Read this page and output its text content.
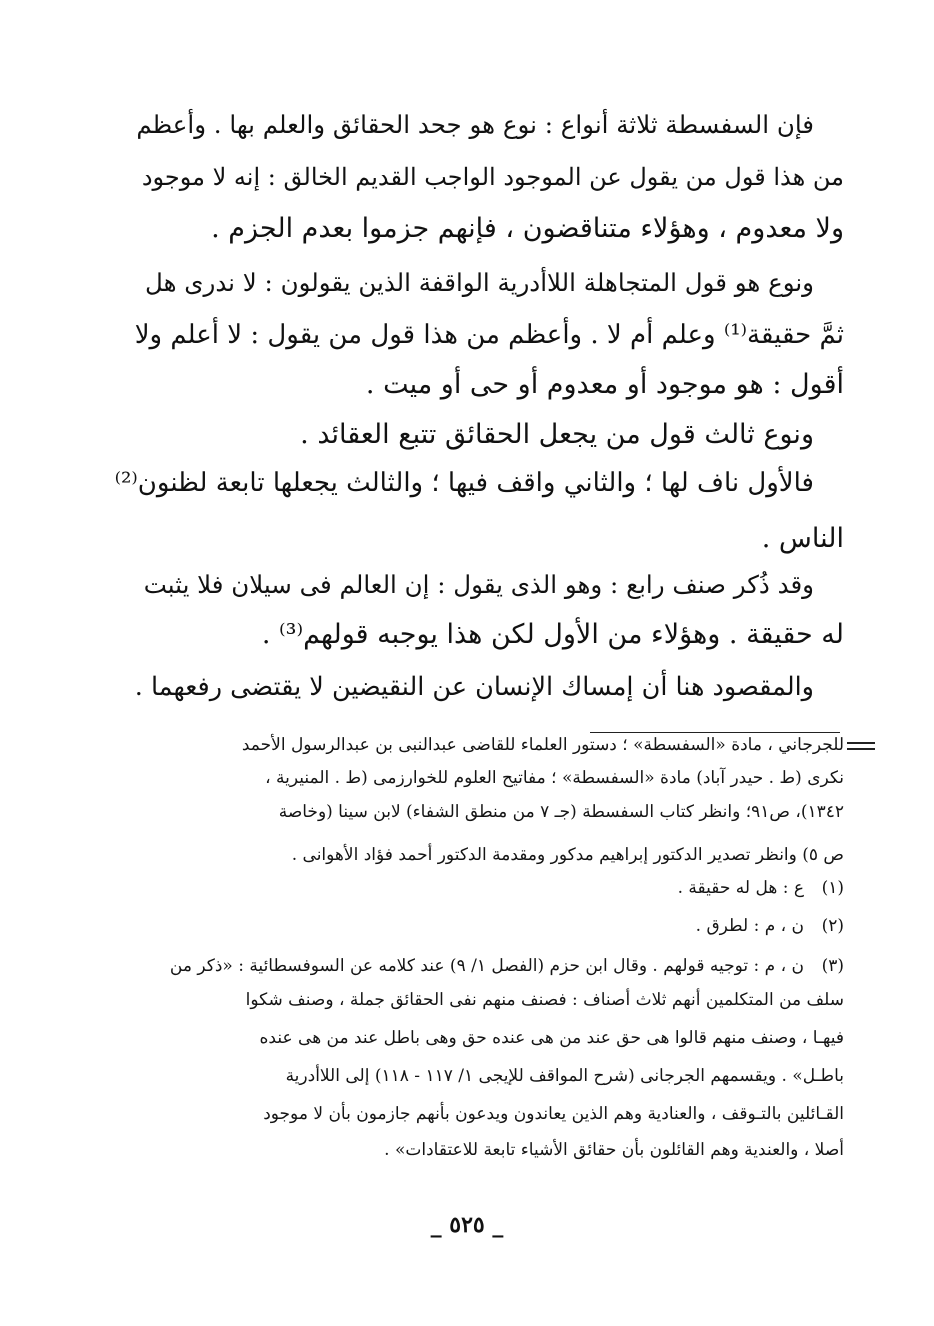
فإن السفسطة ثلاثة أنواع : نوع هو جحد الحقائق والعلم بها . وأعظم
من هذا قول من يقول عن الموجود الواجب القديم الخالق : إنه لا موجود
ولا معدوم ، وهؤلاء متناقضون ، فإنهم جزموا بعدم الجزم .
ونوع هو قول المتجاهلة اللاأدرية الواقفة الذين يقولون : لا ندرى هل
ثمَّ حقيقة⁽¹⁾ وعلم أم لا . وأعظم من هذا قول من يقول : لا أعلم ولا
أقول : هو موجود أو معدوم أو حى أو ميت .
ونوع ثالث قول من يجعل الحقائق تتبع العقائد .
فالأول ناف لها ؛ والثاني واقف فيها ؛ والثالث يجعلها تابعة لظنون⁽²⁾
الناس .
وقد ذُكر صنف رابع : وهو الذى يقول : إن العالم فى سيلان فلا يثبت
له حقيقة . وهؤلاء من الأول لكن هذا يوجبه قولهم⁽³⁾ .
والمقصود هنا أن إمساك الإنسان عن النقيضين لا يقتضى رفعهما .
للجرجاني ، مادة «السفسطة» ؛ دستور العلماء للقاضى عبدالنبى بن عبدالرسول الأحمد
نكرى (ط . حيدر آباد) مادة «السفسطة» ؛ مفاتيح العلوم للخوارزمى (ط . المنيرية ،
١٣٤٢)، ص٩١؛ وانظر كتاب السفسطة (جـ ٧ من منطق الشفاء) لابن سينا (وخاصة
ص ٥) وانظر تصدير الدكتور إبراهيم مدكور ومقدمة الدكتور أحمد فؤاد الأهوانى .
(١)
ع : هل له حقيقة .
(٢)
ن ، م : لطرق .
(٣)
ن ، م : توجيه قولهم . وقال ابن حزم (الفصل ١/ ٩) عند كلامه عن السوفسطائية : «ذكر من
سلف من المتكلمين أنهم ثلاث أصناف : فصنف منهم نفى الحقائق جملة ، وصنف شكوا
فيهـا ، وصنف منهم قالوا هى حق عند من هى عنده حق وهى باطل عند من هى عنده
باطـل» . ويقسمهم الجرجانى (شرح المواقف للإيجى ١/ ١١٧ - ١١٨) إلى اللاأدرية
القـائلين بالتـوقف ، والعنادية وهم الذين يعاندون ويدعون بأنهم جازمون بأن لا موجود
أصلا ، والعندية وهم القائلون بأن حقائق الأشياء تابعة للاعتقادات» .
_ ٥٢٥ _
